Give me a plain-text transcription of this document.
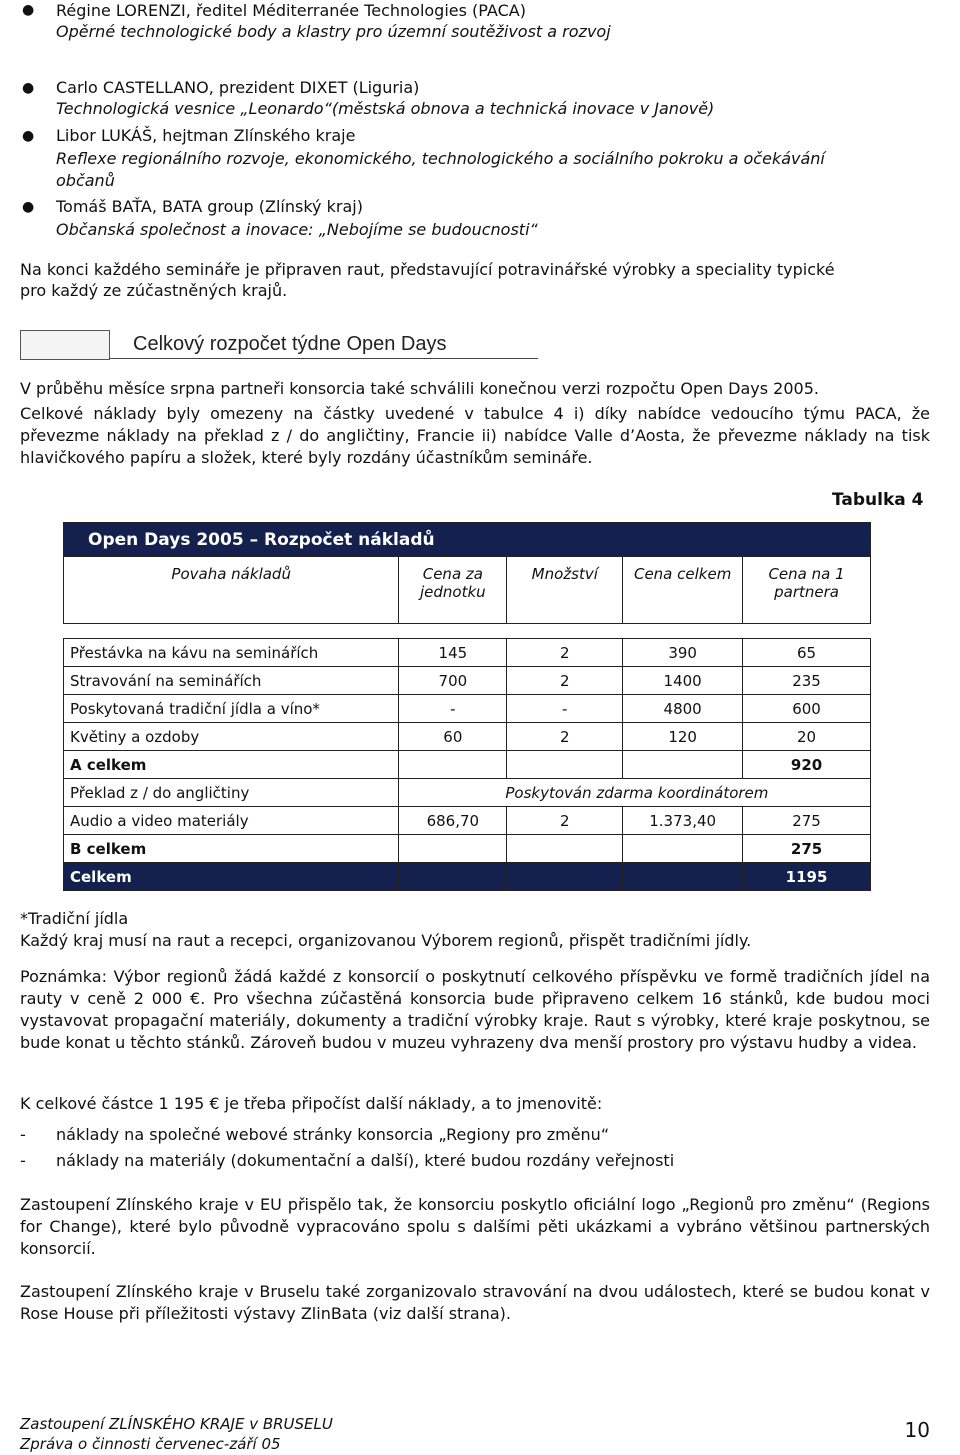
● Régine LORENZI, ředitel Méditerranée Technologies (PACA)
Opěrné technologické body a klastry pro územní soutěživost a rozvoj
● Carlo CASTELLANO, prezident DIXET (Liguria)
Technologická vesnice „Leonardo“(městská obnova a technická inovace v Janově)
● Libor LUKÁŠ, hejtman Zlínského kraje
Reflexe regionálního rozvoje, ekonomického, technologického a sociálního pokroku a očekávání
občanů
● Tomáš BAŤA, BATA group (Zlínský kraj)
Občanská společnost a inovace: „Nebojíme se budoucnosti“
Na konci každého semináře je připraven raut, představující potravinářské výrobky a speciality typické
pro každý ze zúčastněných krajů.
Celkový rozpočet týdne Open Days
V průběhu měsíce srpna partneři konsorcia také schválili konečnou verzi rozpočtu Open Days 2005.
Celkové náklady byly omezeny na částky uvedené v tabulce 4 i) díky nabídce vedoucího týmu PACA, že převezme náklady na překlad z / do angličtiny, Francie ii) nabídce Valle d’Aosta, že převezme náklady na tisk hlavičkového papíru a složek, které byly rozdány účastníkům semináře.
Tabulka 4
Open Days 2005 – Rozpočet nákladů				
Povaha nákladů	Cena za jednotku	Množství	Cena celkem	Cena na 1 partnera

Přestávka na kávu na seminářích	145	2	390	65
Stravování na seminářích	700	2	1400	235
Poskytovaná tradiční jídla a víno*	-	-	4800	600
Květiny a ozdoby	60	2	120	20
A celkem				920
Překlad z / do angličtiny	Poskytován zdarma koordinátorem			
Audio a video materiály	686,70	2	1.373,40	275
B celkem				275
Celkem				1195
*Tradiční jídla
Každý kraj musí na raut a recepci, organizovanou Výborem regionů, přispět tradičními jídly.
Poznámka: Výbor regionů žádá každé z konsorcií o poskytnutí celkového příspěvku ve formě tradičních jídel na rauty v ceně 2 000 €. Pro všechna zúčastěná konsorcia bude připraveno celkem 16 stánků, kde budou moci vystavovat propagační materiály, dokumenty a tradiční výrobky kraje. Raut s výrobky, které kraje poskytnou, se bude konat u těchto stánků. Zároveň budou v muzeu vyhrazeny dva menší prostory pro výstavu hudby a videa.
K celkové částce 1 195 € je třeba připočíst další náklady, a to jmenovitě:
- náklady na společné webové stránky konsorcia „Regiony pro změnu“
- náklady na materiály (dokumentační a další), které budou rozdány veřejnosti
Zastoupení Zlínského kraje v EU přispělo tak, že konsorciu poskytlo oficiální logo „Regionů pro změnu“ (Regions for Change), které bylo původně vypracováno spolu s dalšími pěti ukázkami a vybráno většinou partnerských konsorcií.
Zastoupení Zlínského kraje v Bruselu také zorganizovalo stravování na dvou událostech, které se budou konat v Rose House při příležitosti výstavy ZlinBata (viz další strana).
Zastoupení ZLÍNSKÉHO KRAJE v BRUSELU
Zpráva o činnosti červenec-září 05
10
